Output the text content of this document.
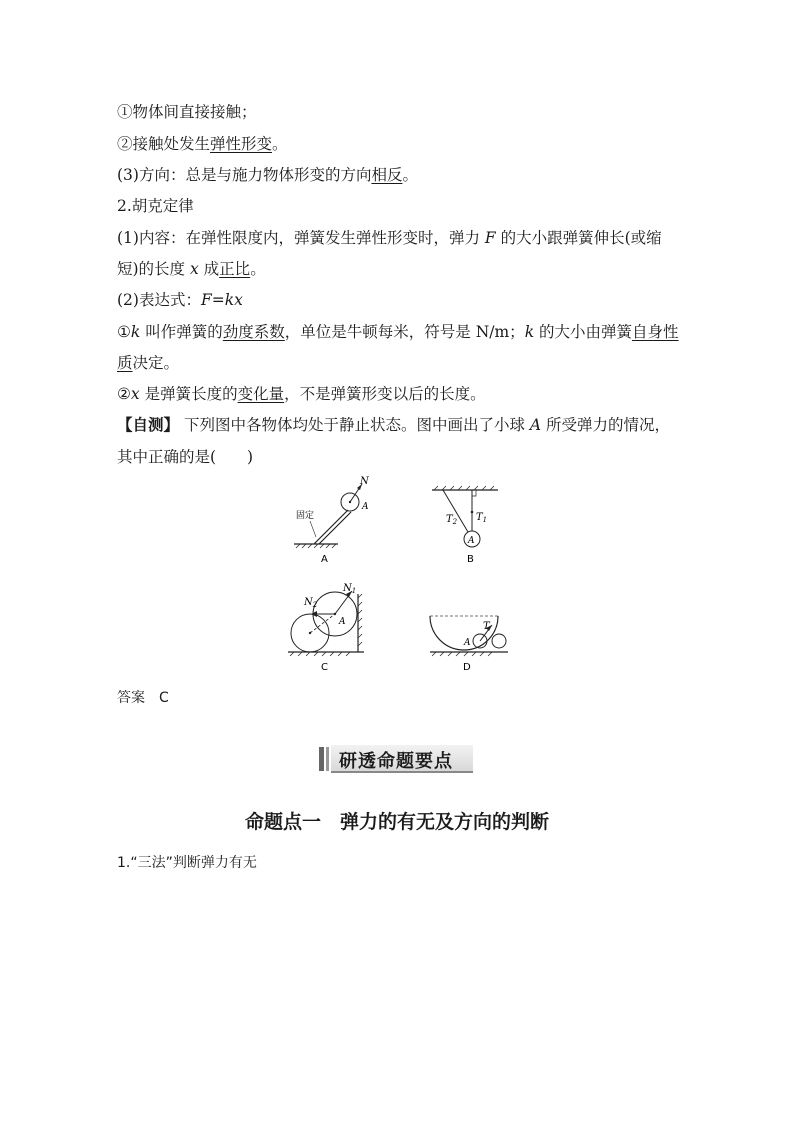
①物体间直接接触；
②接触处发生弹性形变。
(3)方向：总是与施力物体形变的方向相反。
2.胡克定律
(1)内容：在弹性限度内，弹簧发生弹性形变时，弹力 F 的大小跟弹簧伸长(或缩
短)的长度 x 成正比。
(2)表达式：F=kx
①k 叫作弹簧的劲度系数，单位是牛顿每米，符号是 N/m；k 的大小由弹簧自身性
质决定。
②x 是弹簧长度的变化量，不是弹簧形变以后的长度。
【自测】 下列图中各物体均处于静止状态。图中画出了小球 A 所受弹力的情况，
其中正确的是(　　)
N
A
固定
A
A
$T_1$
$T_2$
B
A
$N_1$
$N_2$
C
A
T
D
答案　C
研透命题要点
命题点一　弹力的有无及方向的判断
1.“三法”判断弹力有无
